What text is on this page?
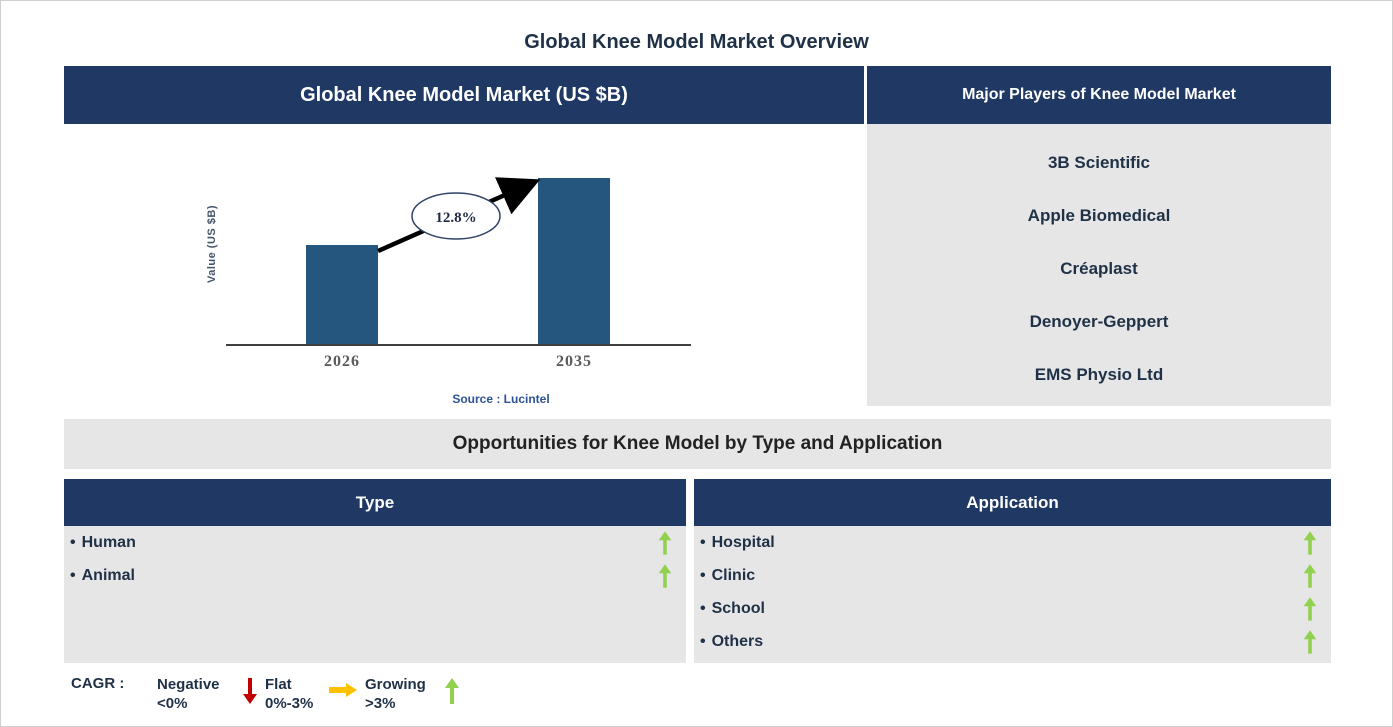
Global Knee Model Market Overview
Global Knee Model Market (US $B)
Value (US $B)
2026	2035
12.8%
Source : Lucintel
Major Players of Knee Model Market
3B Scientific
Apple Biomedical
Créaplast
Denoyer-Geppert
EMS Physio Ltd
Opportunities for Knee Model by Type and Application
Type
• Human
• Animal
Application
• Hospital
• Clinic
• School
• Others
CAGR :	Negative
<0%
Flat
0%-3%
Growing
>3%
